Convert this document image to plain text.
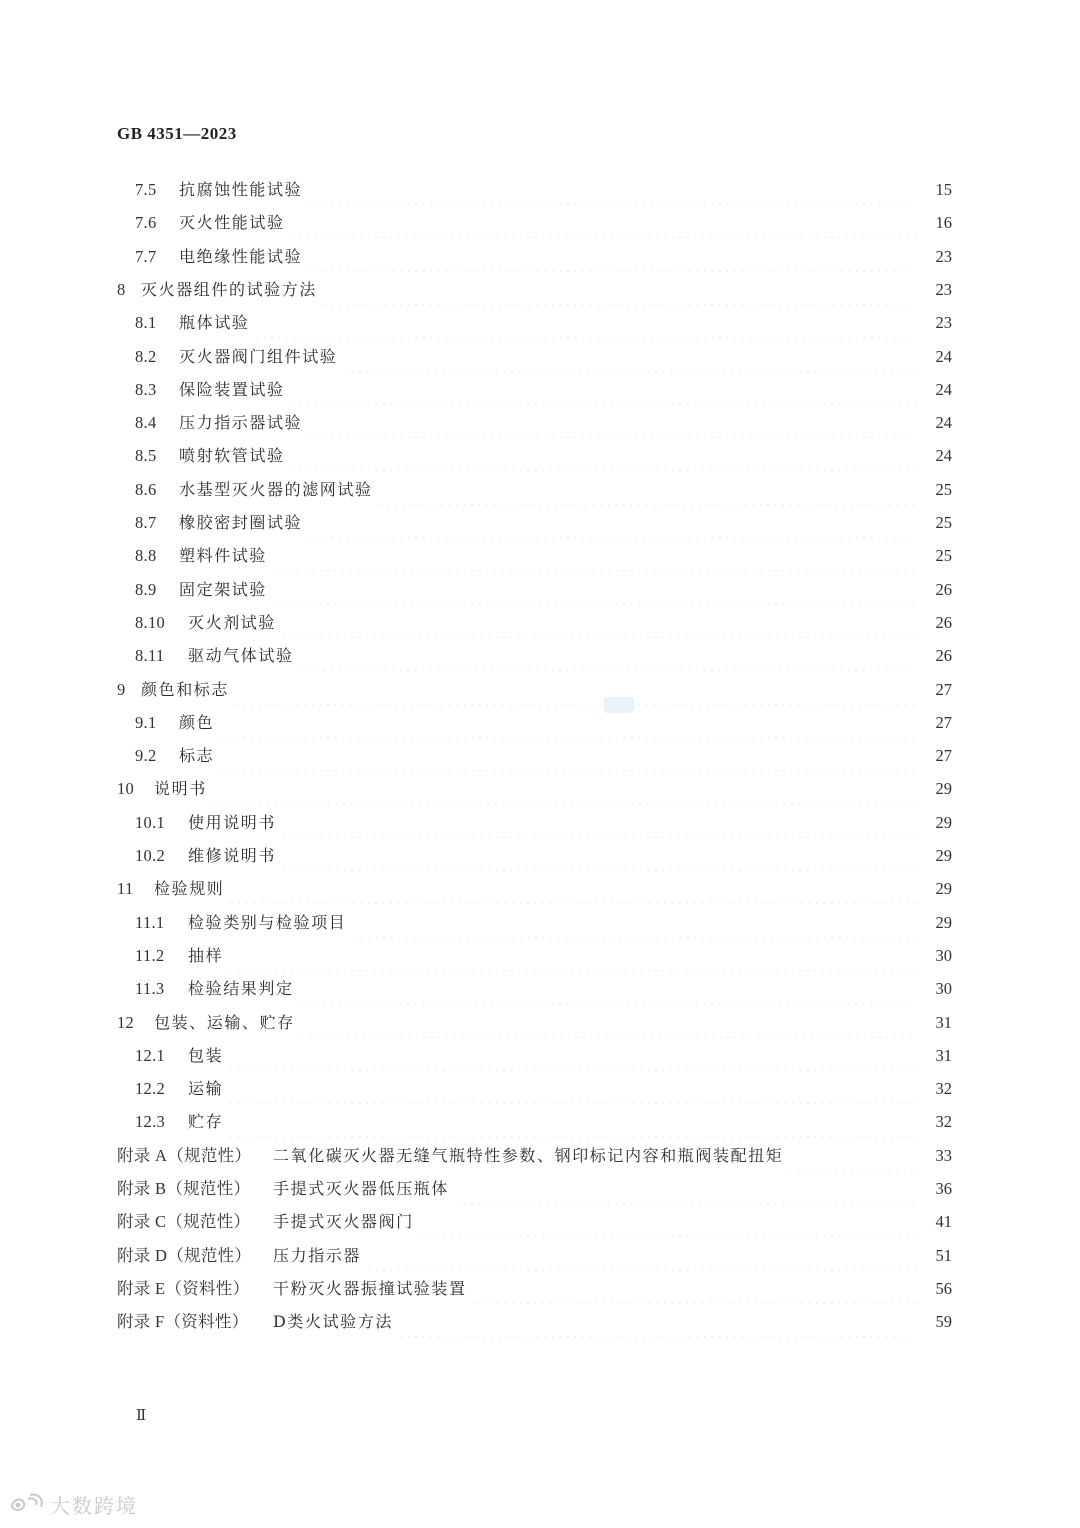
GB 4351—2023
7.5	抗腐蚀性能试验	15
7.6	灭火性能试验	16
7.7	电绝缘性能试验	23
8 灭火器组件的试验方法	23
8.1	瓶体试验	23
8.2	灭火器阀门组件试验	24
8.3	保险装置试验	24
8.4	压力指示器试验	24
8.5	喷射软管试验	24
8.6	水基型灭火器的滤网试验	25
8.7	橡胶密封圈试验	25
8.8	塑料件试验	25
8.9	固定架试验	26
8.10	灭火剂试验	26
8.11	驱动气体试验	26
9 颜色和标志	27
9.1	颜色	27
9.2	标志	27
10	说明书	29
10.1	使用说明书	29
10.2	维修说明书	29
11	检验规则	29
11.1	检验类别与检验项目	29
11.2	抽样	30
11.3	检验结果判定	30
12	包装、运输、贮存	31
12.1	包装	31
12.2	运输	32
12.3	贮存	32
附录 A（规范性）	二氧化碳灭火器无缝气瓶特性参数、钢印标记内容和瓶阀装配扭矩	33
附录 B（规范性）	手提式灭火器低压瓶体	36
附录 C（规范性）	手提式灭火器阀门	41
附录 D（规范性）	压力指示器	51
附录 E（资料性）	干粉灭火器振撞试验装置	56
附录 F（资料性）	D类火试验方法	59
Ⅱ
大数跨境
